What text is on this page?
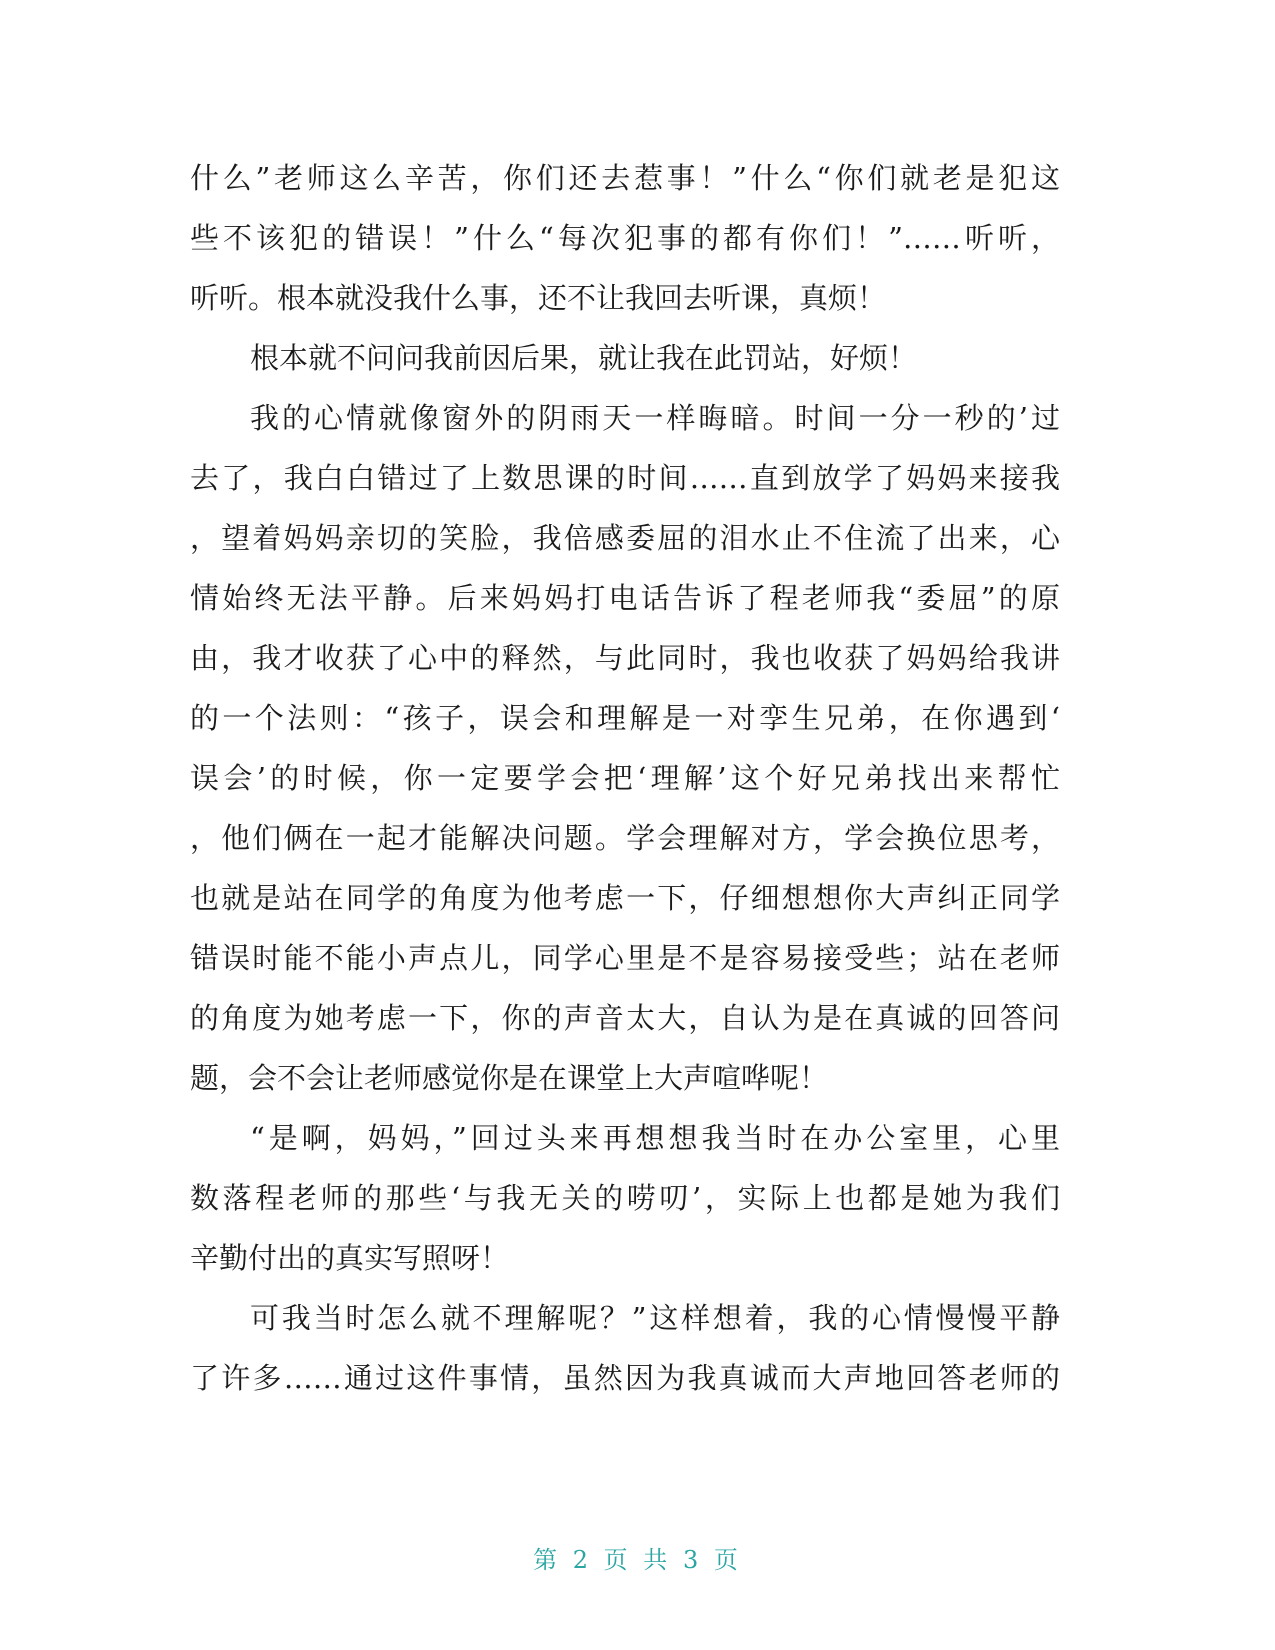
什么”老师这么辛苦，你们还去惹事！”什么“你们就老是犯这
些不该犯的错误！”什么“每次犯事的都有你们！”……听听，
听听。根本就没我什么事，还不让我回去听课，真烦！
根本就不问问我前因后果，就让我在此罚站，好烦！
我的心情就像窗外的阴雨天一样晦暗。时间一分一秒的’过
去了，我白白错过了上数思课的时间……直到放学了妈妈来接我
，望着妈妈亲切的笑脸，我倍感委屈的泪水止不住流了出来，心
情始终无法平静。后来妈妈打电话告诉了程老师我“委屈”的原
由，我才收获了心中的释然，与此同时，我也收获了妈妈给我讲
的一个法则：“孩子，误会和理解是一对孪生兄弟，在你遇到‘
误会’的时候，你一定要学会把‘理解’这个好兄弟找出来帮忙
，他们俩在一起才能解决问题。学会理解对方，学会换位思考，
也就是站在同学的角度为他考虑一下，仔细想想你大声纠正同学
错误时能不能小声点儿，同学心里是不是容易接受些；站在老师
的角度为她考虑一下，你的声音太大，自认为是在真诚的回答问
题，会不会让老师感觉你是在课堂上大声喧哗呢！
“是啊，妈妈，”回过头来再想想我当时在办公室里，心里
数落程老师的那些‘与我无关的唠叨’，实际上也都是她为我们
辛勤付出的真实写照呀！
可我当时怎么就不理解呢？”这样想着，我的心情慢慢平静
了许多……通过这件事情，虽然因为我真诚而大声地回答老师的
第 2 页 共 3 页
